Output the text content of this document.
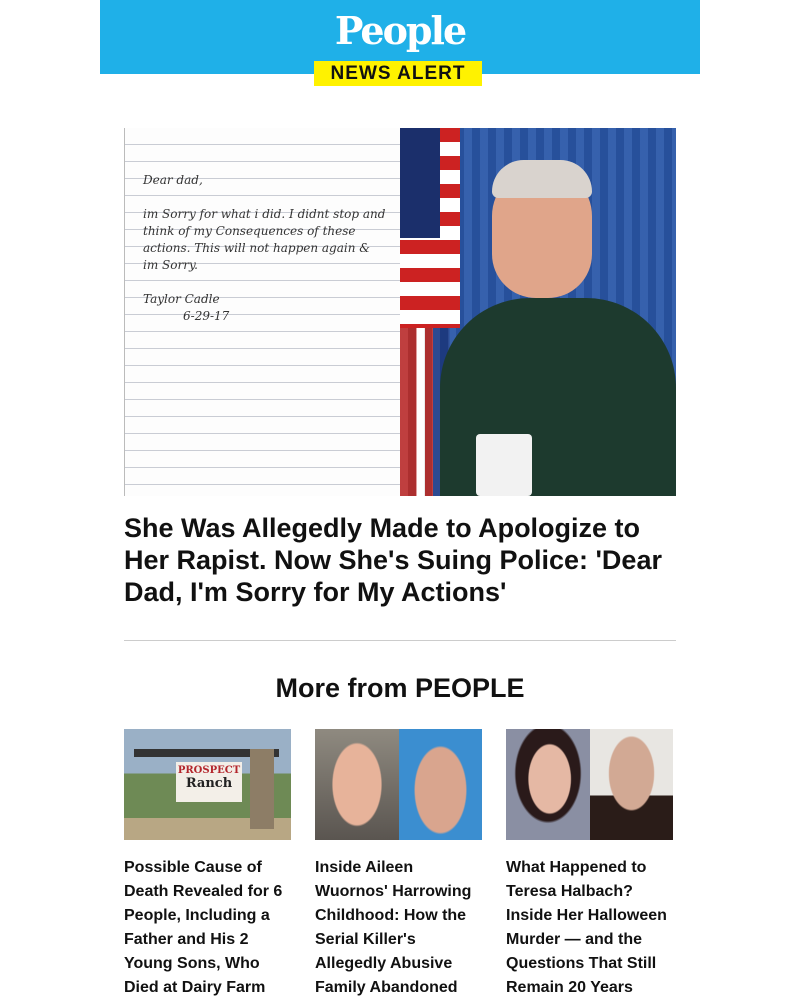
People
NEWS ALERT

Dear dad,

im Sorry for what i did. I didnt stop and think of my Consequences of these actions. This will not happen again & im Sorry.

Taylor Cadle

6-29-17

She Was Allegedly Made to Apologize to Her Rapist. Now She's Suing Police: 'Dear Dad, I'm Sorry for My Actions'
More from PEOPLE
PROSPECT
Ranch
Possible Cause of Death Revealed for 6 People, Including a Father and His 2 Young Sons, Who Died at Dairy Farm
Inside Aileen Wuornos' Harrowing Childhood: How the Serial Killer's Allegedly Abusive Family Abandoned
What Happened to Teresa Halbach? Inside Her Halloween Murder — and the Questions That Still Remain 20 Years
